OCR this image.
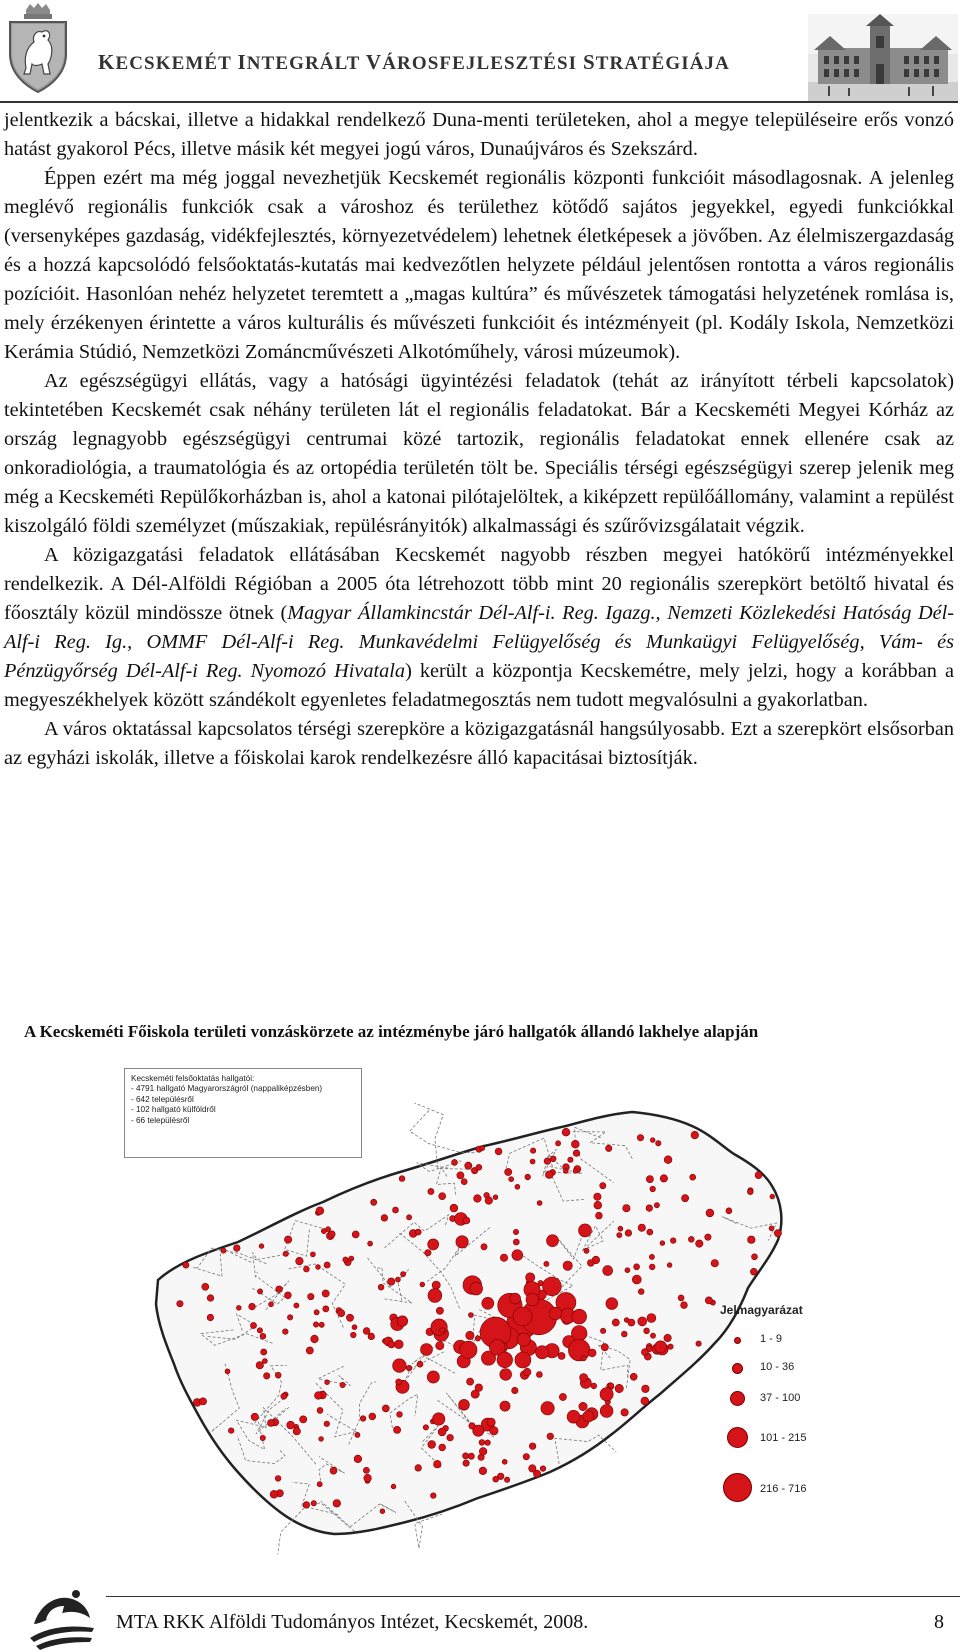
KECSKEMÉT INTEGRÁLT VÁROSFEJLESZTÉSI STRATÉGIÁJA

jelentkezik a bácskai, illetve a hidakkal rendelkező Duna-menti területeken, ahol a megye településeire erős vonzó hatást gyakorol Pécs, illetve másik két megyei jogú város, Dunaújváros és Szekszárd.

Éppen ezért ma még joggal nevezhetjük Kecskemét regionális központi funkcióit másodlagosnak. A jelenleg meglévő regionális funkciók csak a városhoz és területhez kötődő sajátos jegyekkel, egyedi funkciókkal (versenyképes gazdaság, vidékfejlesztés, környezetvédelem) lehetnek életképesek a jövőben. Az élelmiszergazdaság és a hozzá kapcsolódó felsőoktatás-kutatás mai kedvezőtlen helyzete például jelentősen rontotta a város regionális pozícióit. Hasonlóan nehéz helyzetet teremtett a „magas kultúra” és művészetek támogatási helyzetének romlása is, mely érzékenyen érintette a város kulturális és művészeti funkcióit és intézményeit (pl. Kodály Iskola, Nemzetközi Kerámia Stúdió, Nemzetközi Zománcművészeti Alkotóműhely, városi múzeumok).

Az egészségügyi ellátás, vagy a hatósági ügyintézési feladatok (tehát az irányított térbeli kapcsolatok) tekintetében Kecskemét csak néhány területen lát el regionális feladatokat. Bár a Kecskeméti Megyei Kórház az ország legnagyobb egészségügyi centrumai közé tartozik, regionális feladatokat ennek ellenére csak az onkoradiológia, a traumatológia és az ortopédia területén tölt be. Speciális térségi egészségügyi szerep jelenik meg még a Kecskeméti Repülőkorházban is, ahol a katonai pilótajelöltek, a kiképzett repülőállomány, valamint a repülést kiszolgáló földi személyzet (műszakiak, repülésrányitók) alkalmassági és szűrővizsgálatait végzik.

A közigazgatási feladatok ellátásában Kecskemét nagyobb részben megyei hatókörű intézményekkel rendelkezik. A Dél-Alföldi Régióban a 2005 óta létrehozott több mint 20 regionális szerepkört betöltő hivatal és főosztály közül mindössze ötnek (Magyar Államkincstár Dél-Alf-i. Reg. Igazg., Nemzeti Közlekedési Hatóság Dél-Alf-i Reg. Ig., OMMF Dél-Alf-i Reg. Munkavédelmi Felügyelőség és Munkaügyi Felügyelőség, Vám- és Pénzügyőrség Dél-Alf-i Reg. Nyomozó Hivatala) került a központja Kecskemétre, mely jelzi, hogy a korábban a megyeszékhelyek között szándékolt egyenletes feladatmegosztás nem tudott megvalósulni a gyakorlatban.

A város oktatással kapcsolatos térségi szerepköre a közigazgatásnál hangsúlyosabb. Ezt a szerepkört elsősorban az egyházi iskolák, illetve a főiskolai karok rendelkezésre álló kapacitásai biztosítják.

A Kecskeméti Főiskola területi vonzáskörzete az intézménybe járó hallgatók állandó lakhelye alapján
Kecskeméti felsőoktatás hallgatói:
- 4791 hallgató Magyarországról (nappaliképzésben)
- 642 településről
- 102 hallgató külföldről
- 66 településről
Jelmagyarázat
1 - 9
10 - 36
37 - 100
101 - 215
216 - 716
MTA RKK Alföldi Tudományos Intézet, Kecskemét, 2008.	8
